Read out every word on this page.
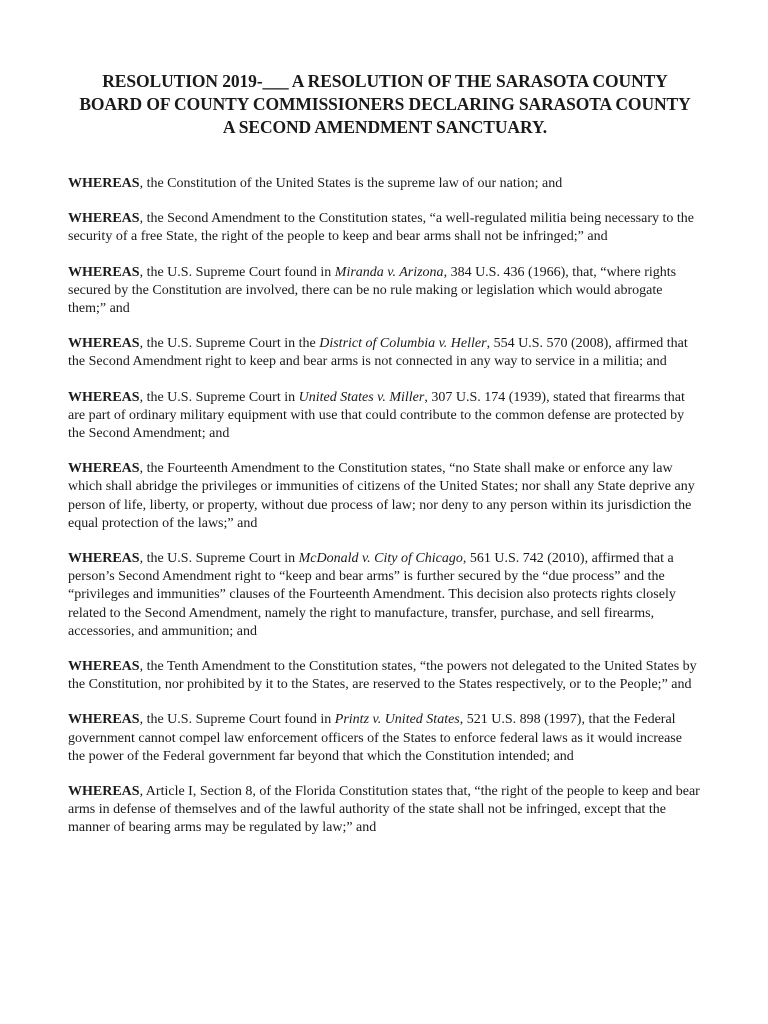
RESOLUTION 2019-___ A RESOLUTION OF THE SARASOTA COUNTY
BOARD OF COUNTY COMMISSIONERS DECLARING SARASOTA COUNTY
A SECOND AMENDMENT SANCTUARY.

WHEREAS, the Constitution of the United States is the supreme law of our nation; and

WHEREAS, the Second Amendment to the Constitution states, “a well-regulated militia being necessary to the security of a free State, the right of the people to keep and bear arms shall not be infringed;” and

WHEREAS, the U.S. Supreme Court found in Miranda v. Arizona, 384 U.S. 436 (1966), that, “where rights secured by the Constitution are involved, there can be no rule making or legislation which would abrogate them;” and

WHEREAS, the U.S. Supreme Court in the District of Columbia v. Heller, 554 U.S. 570 (2008), affirmed that the Second Amendment right to keep and bear arms is not connected in any way to service in a militia; and

WHEREAS, the U.S. Supreme Court in United States v. Miller, 307 U.S. 174 (1939), stated that firearms that are part of ordinary military equipment with use that could contribute to the common defense are protected by the Second Amendment; and

WHEREAS, the Fourteenth Amendment to the Constitution states, “no State shall make or enforce any law which shall abridge the privileges or immunities of citizens of the United States; nor shall any State deprive any person of life, liberty, or property, without due process of law; nor deny to any person within its jurisdiction the equal protection of the laws;” and

WHEREAS, the U.S. Supreme Court in McDonald v. City of Chicago, 561 U.S. 742 (2010), affirmed that a person’s Second Amendment right to “keep and bear arms” is further secured by the “due process” and the “privileges and immunities” clauses of the Fourteenth Amendment. This decision also protects rights closely related to the Second Amendment, namely the right to manufacture, transfer, purchase, and sell firearms, accessories, and ammunition; and

WHEREAS, the Tenth Amendment to the Constitution states, “the powers not delegated to the United States by the Constitution, nor prohibited by it to the States, are reserved to the States respectively, or to the People;” and

WHEREAS, the U.S. Supreme Court found in Printz v. United States, 521 U.S. 898 (1997), that the Federal government cannot compel law enforcement officers of the States to enforce federal laws as it would increase the power of the Federal government far beyond that which the Constitution intended; and

WHEREAS, Article I, Section 8, of the Florida Constitution states that, “the right of the people to keep and bear arms in defense of themselves and of the lawful authority of the state shall not be infringed, except that the manner of bearing arms may be regulated by law;” and
